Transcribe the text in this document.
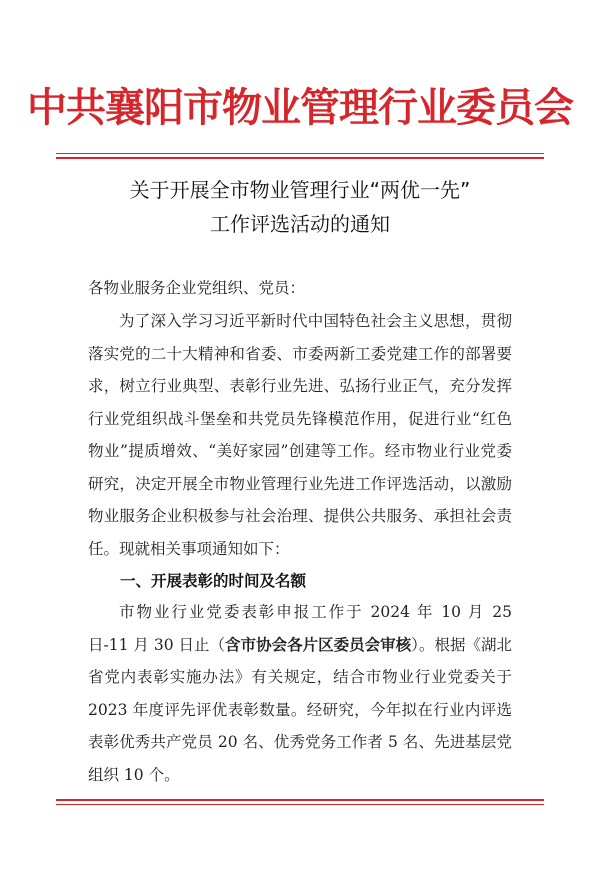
中共襄阳市物业管理行业委员会
关于开展全市物业管理行业“两优一先”
工作评选活动的通知
各物业服务企业党组织、党员：
为了深入学习习近平新时代中国特色社会主义思想，贯彻落实党的二十大精神和省委、市委两新工委党建工作的部署要求，树立行业典型、表彰行业先进、弘扬行业正气，充分发挥行业党组织战斗堡垒和共党员先锋模范作用，促进行业“红色物业”提质增效、“美好家园”创建等工作。经市物业行业党委研究，决定开展全市物业管理行业先进工作评选活动，以激励物业服务企业积极参与社会治理、提供公共服务、承担社会责任。现就相关事项通知如下：
一、开展表彰的时间及名额
市物业行业党委表彰申报工作于 2024 年 10 月 25 日-11 月 30 日止（含市协会各片区委员会审核）。根据《湖北省党内表彰实施办法》有关规定，结合市物业行业党委关于 2023 年度评先评优表彰数量。经研究，今年拟在行业内评选表彰优秀共产党员 20 名、优秀党务工作者 5 名、先进基层党组织 10 个。
